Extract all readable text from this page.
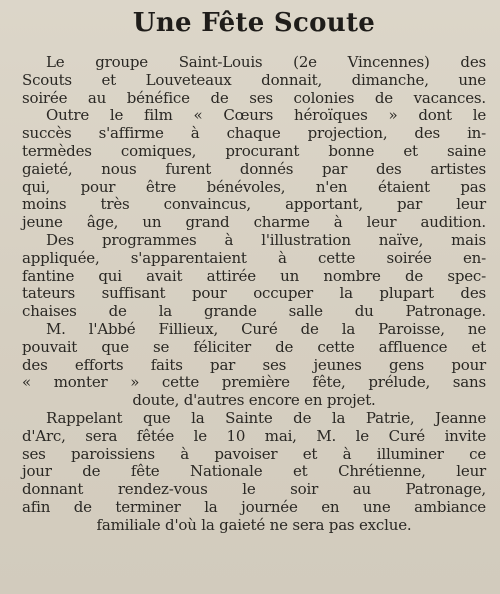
Une Fête Scoute
Le groupe Saint-Louis (2e Vincennes) des
Scouts et Louveteaux donnait, dimanche, une
soirée au bénéfice de ses colonies de vacances.
Outre le film « Cœurs héroïques » dont le
succès s'affirme à chaque projection, des in-
termèdes comiques, procurant bonne et saine
gaieté, nous furent donnés par des artistes
qui, pour être bénévoles, n'en étaient pas
moins très convaincus, apportant, par leur
jeune âge, un grand charme à leur audition.
Des programmes à l'illustration naïve, mais
appliquée, s'apparentaient à cette soirée en-
fantine qui avait attirée un nombre de spec-
tateurs suffisant pour occuper la plupart des
chaises de la grande salle du Patronage.
M. l'Abbé Fillieux, Curé de la Paroisse, ne
pouvait que se féliciter de cette affluence et
des efforts faits par ses jeunes gens pour
« monter » cette première fête, prélude, sans
doute, d'autres encore en projet.
Rappelant que la Sainte de la Patrie, Jeanne
d'Arc, sera fêtée le 10 mai, M. le Curé invite
ses paroissiens à pavoiser et à illuminer ce
jour de fête Nationale et Chrétienne, leur
donnant rendez-vous le soir au Patronage,
afin de terminer la journée en une ambiance
familiale d'où la gaieté ne sera pas exclue.
